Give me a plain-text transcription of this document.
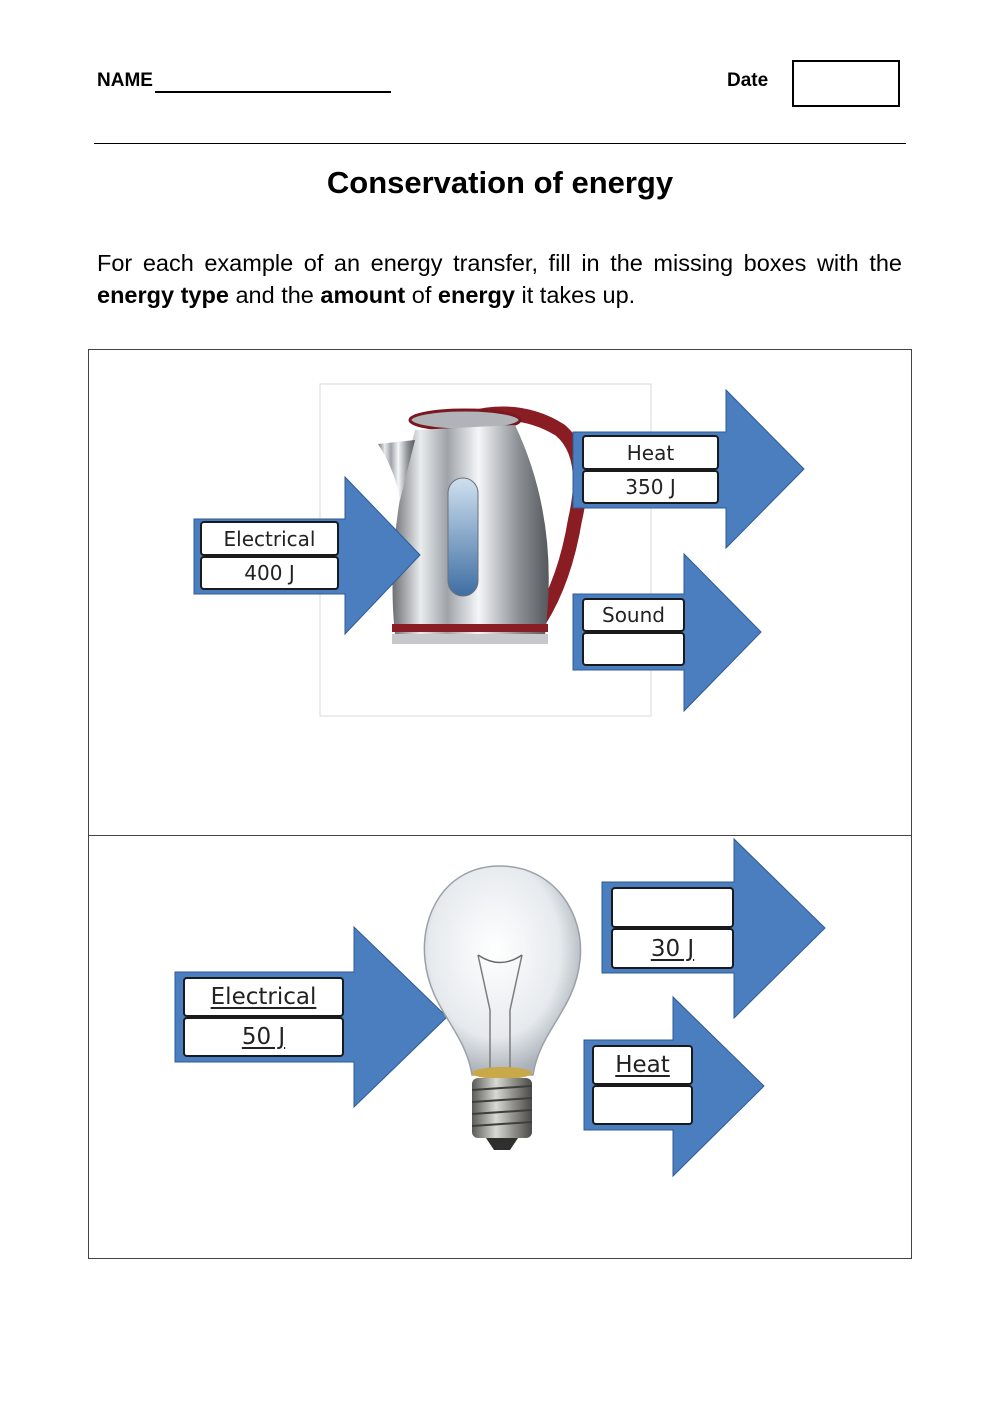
NAME	Date
Conservation of energy
For each example of an energy transfer, fill in the missing boxes with the energy type and the amount of energy it takes up.
Electrical
400 J
Heat
350 J
Sound
Electrical
50 J
30 J
Heat
